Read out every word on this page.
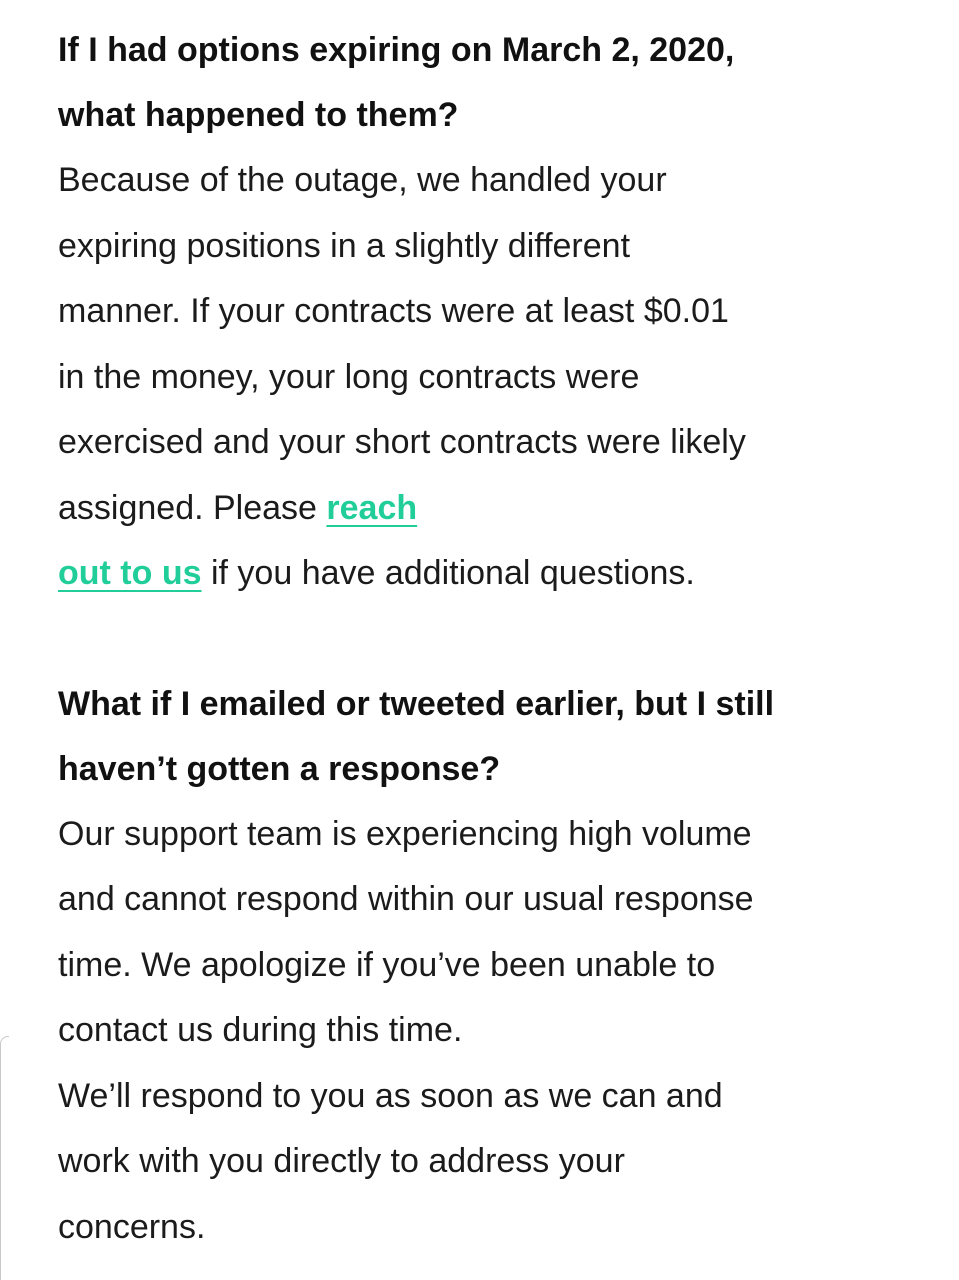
If I had options expiring on March 2, 2020,
what happened to them?

Because of the outage, we handled your
expiring positions in a slightly different
manner. If your contracts were at least $0.01
in the money, your long contracts were
exercised and your short contracts were likely
assigned. Please reach
out to us if you have additional questions.

What if I emailed or tweeted earlier, but I still
haven’t gotten a response?

Our support team is experiencing high volume
and cannot respond within our usual response
time. We apologize if you’ve been unable to
contact us during this time.
We’ll respond to you as soon as we can and
work with you directly to address your
concerns.
